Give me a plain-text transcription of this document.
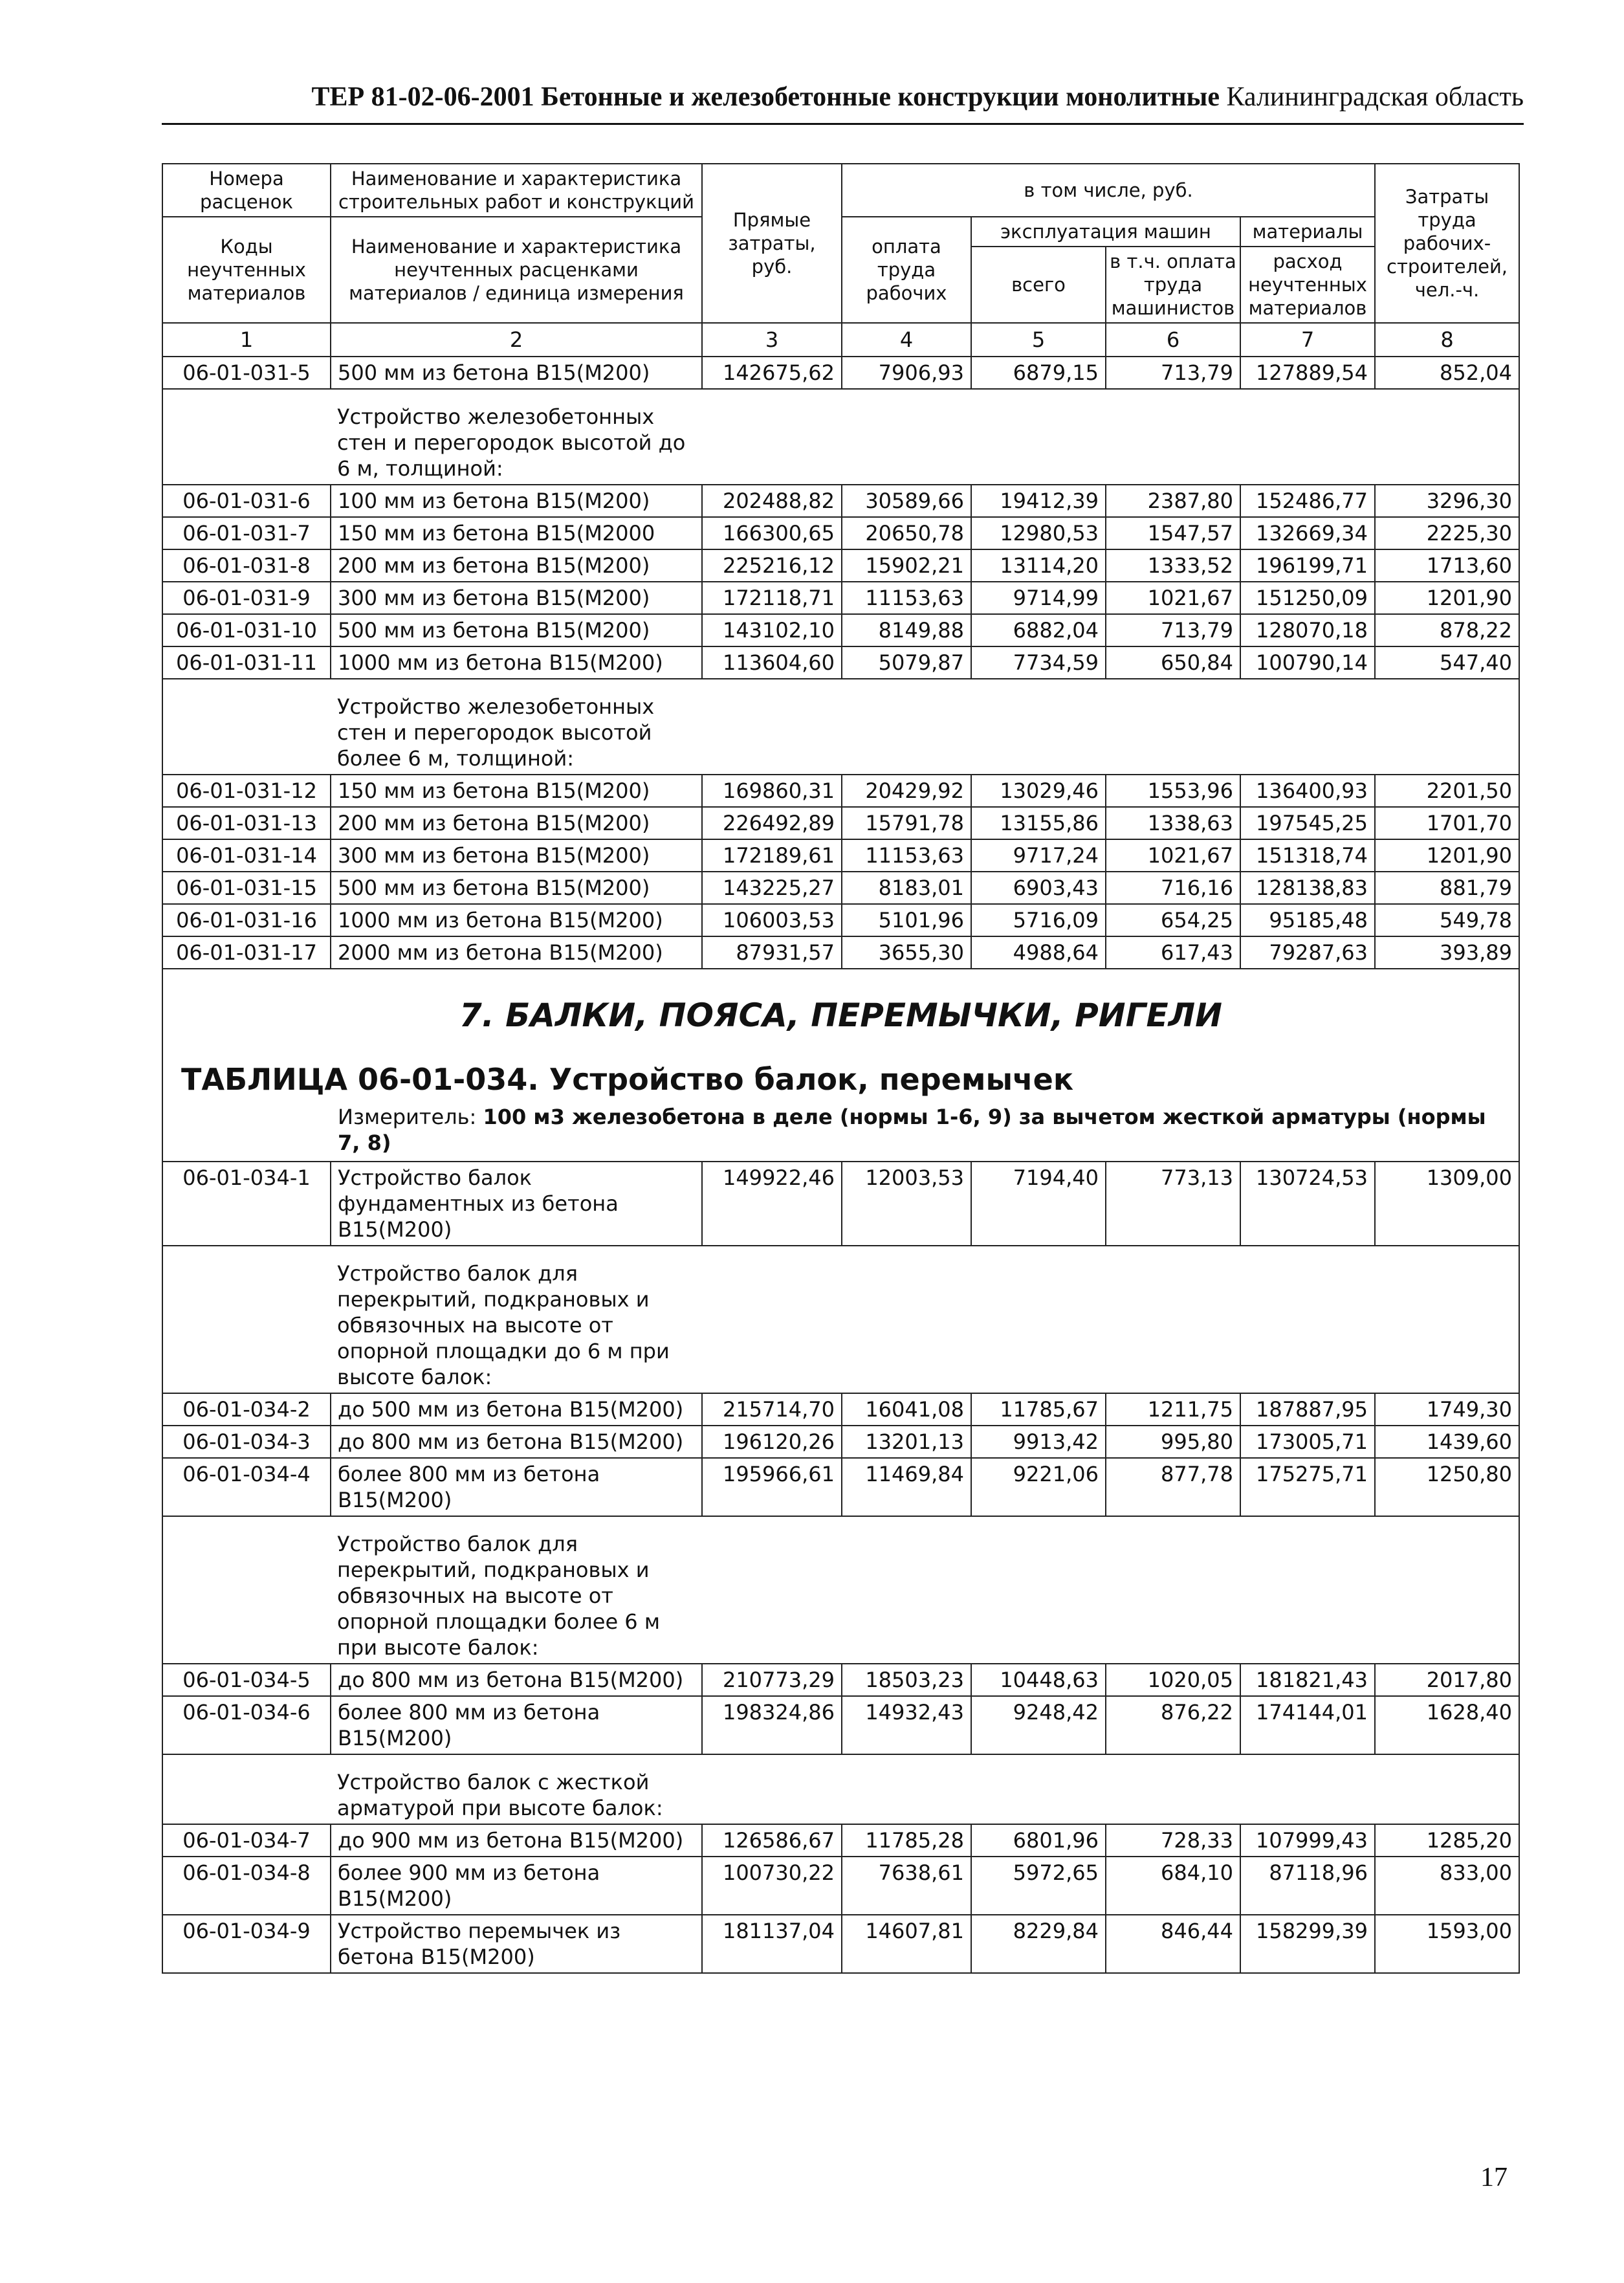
ТЕР 81-02-06-2001 Бетонные и железобетонные конструкции монолитные Калининградская область
Номера расценок	Наименование и характеристика строительных работ и конструкций	Прямые затраты, руб.	в том числе, руб.				Затраты труда рабочих-строителей, чел.-ч.
Коды неучтенных материалов	Наименование и характеристика неучтенных расценками материалов / единица измерения		оплата труда рабочих	эксплуатация машин		материалы	
				всего	в т.ч. оплата труда машинистов	расход неучтенных материалов	

1	2	3	4	5	6	7	8
06-01-031-5	500 мм из бетона В15(М200)	142675,62	7906,93	6879,15	713,79	127889,54	852,04

	Устройство железобетонных стен и перегородок высотой до 6 м, толщиной:						

06-01-031-6	100 мм из бетона В15(М200)	202488,82	30589,66	19412,39	2387,80	152486,77	3296,30
06-01-031-7	150 мм из бетона В15(М2000	166300,65	20650,78	12980,53	1547,57	132669,34	2225,30
06-01-031-8	200 мм из бетона В15(М200)	225216,12	15902,21	13114,20	1333,52	196199,71	1713,60
06-01-031-9	300 мм из бетона В15(М200)	172118,71	11153,63	9714,99	1021,67	151250,09	1201,90
06-01-031-10	500 мм из бетона В15(М200)	143102,10	8149,88	6882,04	713,79	128070,18	878,22
06-01-031-11	1000 мм из бетона В15(М200)	113604,60	5079,87	7734,59	650,84	100790,14	547,40

	Устройство железобетонных стен и перегородок высотой более 6 м, толщиной:						

06-01-031-12	150 мм из бетона В15(М200)	169860,31	20429,92	13029,46	1553,96	136400,93	2201,50
06-01-031-13	200 мм из бетона В15(М200)	226492,89	15791,78	13155,86	1338,63	197545,25	1701,70
06-01-031-14	300 мм из бетона В15(М200)	172189,61	11153,63	9717,24	1021,67	151318,74	1201,90
06-01-031-15	500 мм из бетона В15(М200)	143225,27	8183,01	6903,43	716,16	128138,83	881,79
06-01-031-16	1000 мм из бетона В15(М200)	106003,53	5101,96	5716,09	654,25	95185,48	549,78
06-01-031-17	2000 мм из бетона В15(М200)	87931,57	3655,30	4988,64	617,43	79287,63	393,89

7. БАЛКИ, ПОЯСА, ПЕРЕМЫЧКИ, РИГЕЛИ
ТАБЛИЦА 06-01-034. Устройство балок, перемычек
Измеритель: 100 м3 железобетона в деле (нормы 1-6, 9) за вычетом жесткой арматуры (нормы 7, 8)							

06-01-034-1	Устройство балок фундаментных из бетона В15(М200)	149922,46	12003,53	7194,40	773,13	130724,53	1309,00

	Устройство балок для перекрытий, подкрановых и обвязочных на высоте от опорной площадки до 6 м при высоте балок:						

06-01-034-2	до 500 мм из бетона В15(М200)	215714,70	16041,08	11785,67	1211,75	187887,95	1749,30
06-01-034-3	до 800 мм из бетона В15(М200)	196120,26	13201,13	9913,42	995,80	173005,71	1439,60
06-01-034-4	более 800 мм из бетона В15(М200)	195966,61	11469,84	9221,06	877,78	175275,71	1250,80

	Устройство балок для перекрытий, подкрановых и обвязочных на высоте от опорной площадки более 6 м при высоте балок:						

06-01-034-5	до 800 мм из бетона В15(М200)	210773,29	18503,23	10448,63	1020,05	181821,43	2017,80
06-01-034-6	более 800 мм из бетона В15(М200)	198324,86	14932,43	9248,42	876,22	174144,01	1628,40

	Устройство балок с жесткой арматурой при высоте балок:						

06-01-034-7	до 900 мм из бетона В15(М200)	126586,67	11785,28	6801,96	728,33	107999,43	1285,20
06-01-034-8	более 900 мм из бетона В15(М200)	100730,22	7638,61	5972,65	684,10	87118,96	833,00
06-01-034-9	Устройство перемычек из бетона В15(М200)	181137,04	14607,81	8229,84	846,44	158299,39	1593,00
17
